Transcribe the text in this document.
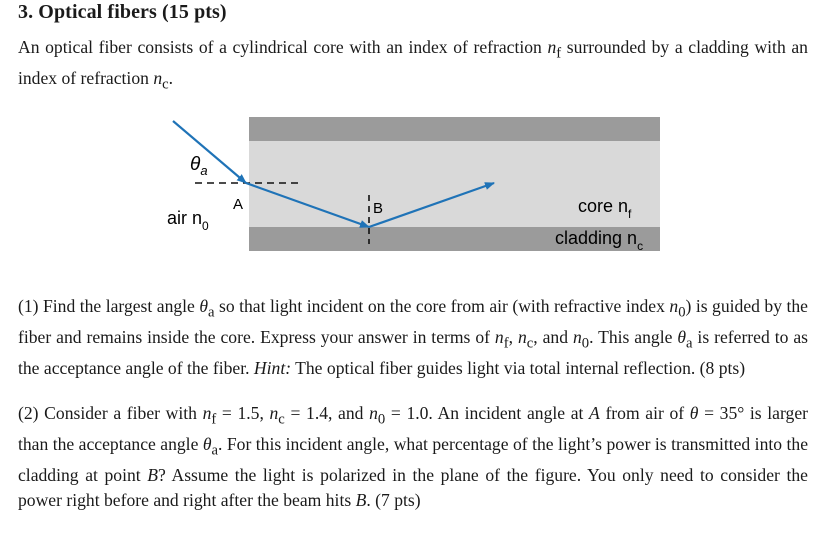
3. Optical fibers (15 pts)
An optical fiber consists of a cylindrical core with an index of refraction $n_f$ surrounded by a cladding with an index of refraction $n_c$.
$\theta_a$
A	B
air $n_0$
core $n_f$
cladding $n_c$
(1) Find the largest angle $\theta_a$ so that light incident on the core from air (with refractive index $n_0$) is guided by the fiber and remains inside the core. Express your answer in terms of $n_f$, $n_c$, and $n_0$. This angle $\theta_a$ is referred to as the acceptance angle of the fiber. Hint: The optical fiber guides light via total internal reflection. (8 pts)
(2) Consider a fiber with $n_f = 1.5$, $n_c = 1.4$, and $n_0 = 1.0$. An incident angle at A from air of θ = 35° is larger than the acceptance angle $\theta_a$. For this incident angle, what percentage of the light’s power is transmitted into the cladding at point B? Assume the light is polarized in the plane of the figure. You only need to consider the power right before and right after the beam hits B. (7 pts)
